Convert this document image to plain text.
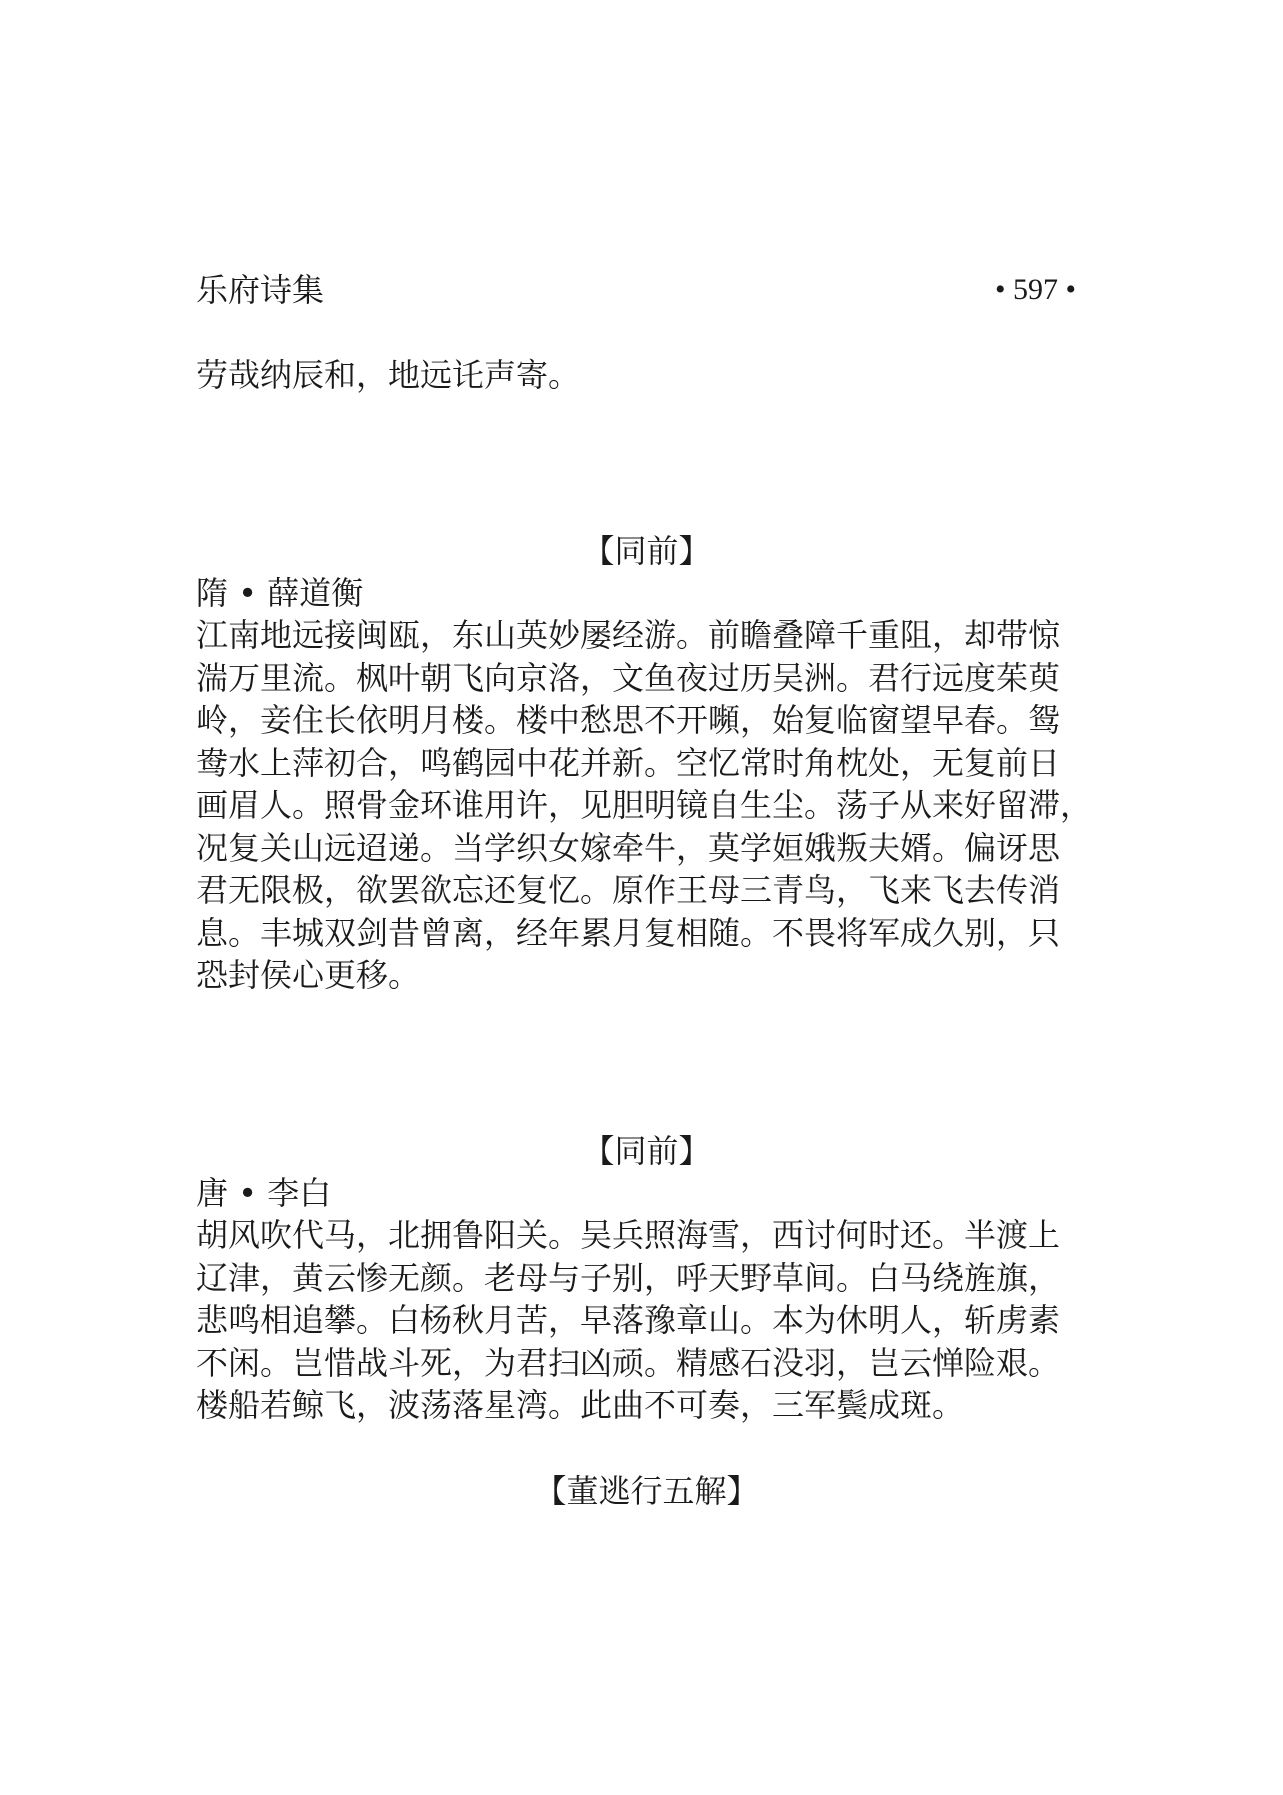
乐府诗集	• 597 •
劳哉纳辰和，地远讬声寄。
【同前】
隋 • 薛道衡
江南地远接闽瓯，东山英妙屡经游。前瞻叠障千重阻，却带惊
湍万里流。枫叶朝飞向京洛，文鱼夜过历吴洲。君行远度茱萸
岭，妾住长依明月楼。楼中愁思不开嚬，始复临窗望早春。鸳
鸯水上萍初合，鸣鹤园中花并新。空忆常时角枕处，无复前日
画眉人。照骨金环谁用许，见胆明镜自生尘。荡子从来好留滞，
况复关山远迢递。当学织女嫁牵牛，莫学姮娥叛夫婿。偏讶思
君无限极，欲罢欲忘还复忆。原作王母三青鸟，飞来飞去传消
息。丰城双剑昔曾离，经年累月复相随。不畏将军成久别，只
恐封侯心更移。
【同前】
唐 • 李白
胡风吹代马，北拥鲁阳关。吴兵照海雪，西讨何时还。半渡上
辽津，黄云惨无颜。老母与子别，呼天野草间。白马绕旌旗，
悲鸣相追攀。白杨秋月苦，早落豫章山。本为休明人，斩虏素
不闲。岂惜战斗死，为君扫凶顽。精感石没羽，岂云惮险艰。
楼船若鲸飞，波荡落星湾。此曲不可奏，三军鬓成斑。
【董逃行五解】
